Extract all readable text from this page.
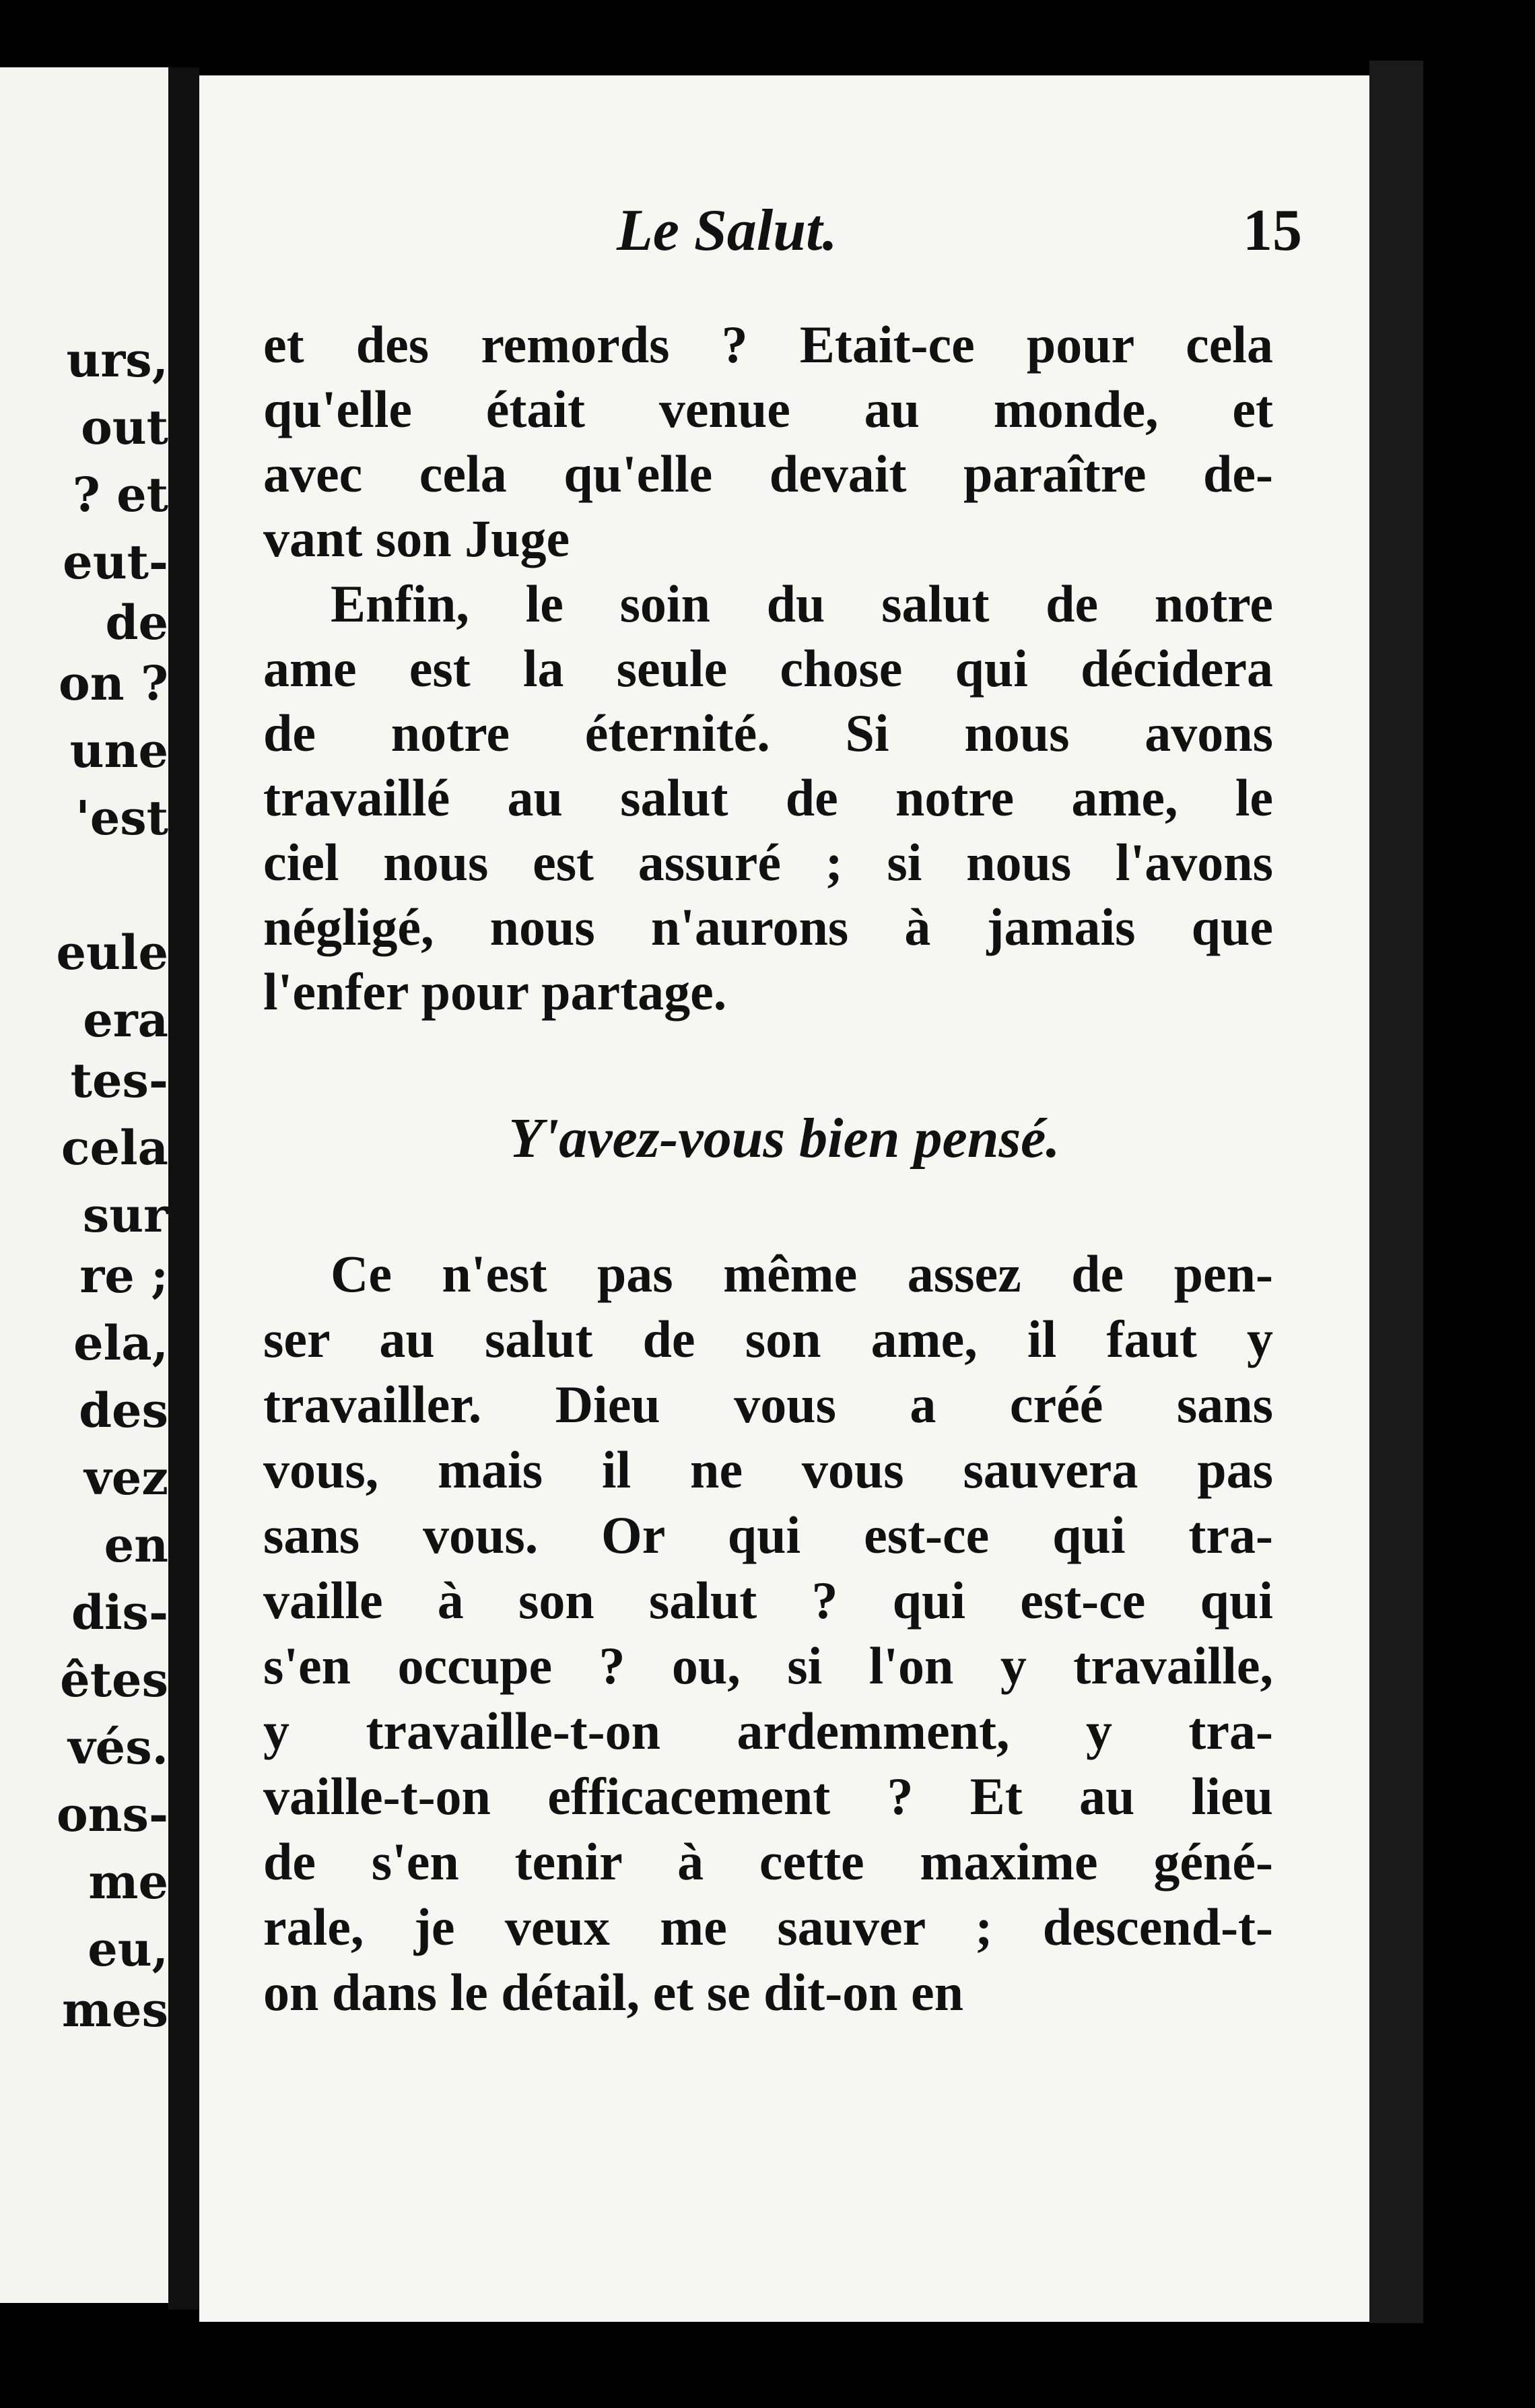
urs,
out
? et
eut-
de
on ?
une
'est
eule
era
tes-
cela
sur
re ;
ela,
des
vez
en
dis-
êtes
vés.
ons-
me
eu,
mes
Le Salut.	15
et des remords ? Etait-ce pour cela
qu'elle était venue au monde, et
avec cela qu'elle devait paraître de-
vant son Juge
Enfin, le soin du salut de notre
ame est la seule chose qui décidera
de notre éternité. Si nous avons
travaillé au salut de notre ame, le
ciel nous est assuré ; si nous l'avons
négligé, nous n'aurons à jamais que
l'enfer pour partage.
Y'avez-vous bien pensé.
Ce n'est pas même assez de pen-
ser au salut de son ame, il faut y
travailler. Dieu vous a créé sans
vous, mais il ne vous sauvera pas
sans vous. Or qui est-ce qui tra-
vaille à son salut ? qui est-ce qui
s'en occupe ? ou, si l'on y travaille,
y travaille-t-on ardemment, y tra-
vaille-t-on efficacement ? Et au lieu
de s'en tenir à cette maxime géné-
rale, je veux me sauver ; descend-t-
on dans le détail, et se dit-on en
